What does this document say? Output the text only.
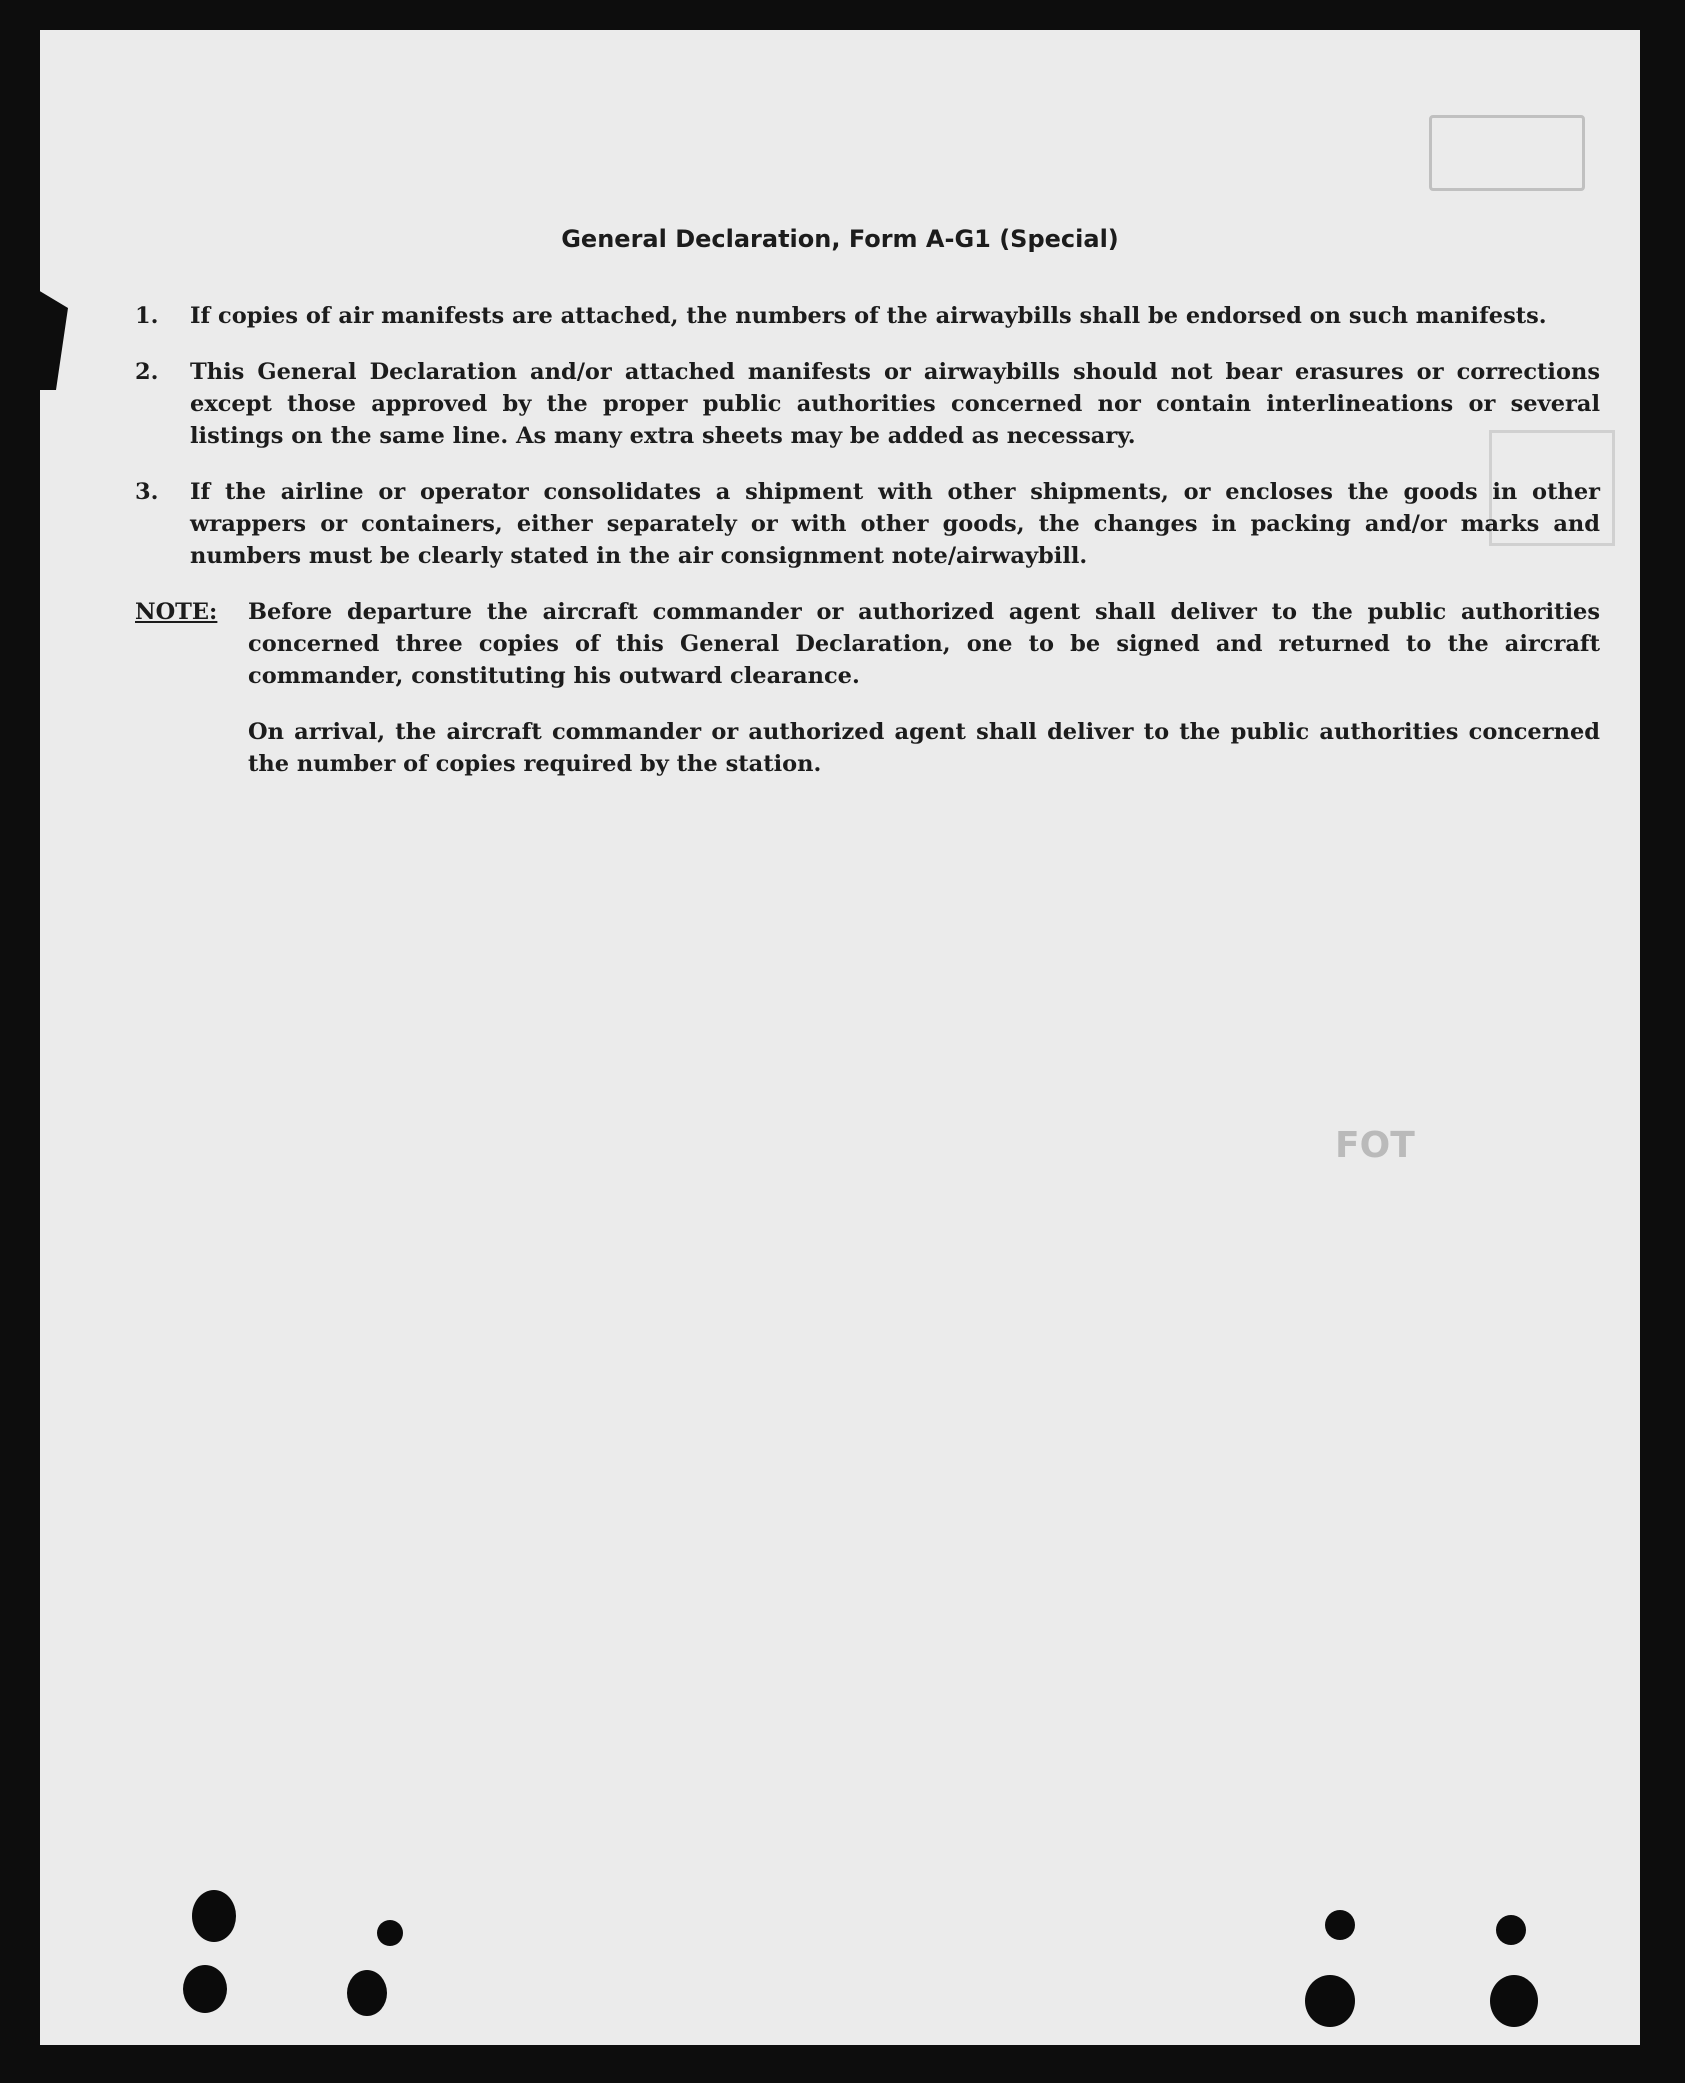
General Declaration, Form A-G1 (Special)
1.	If copies of air manifests are attached, the numbers of the airwaybills shall be endorsed on such manifests.
2.	This General Declaration and/or attached manifests or airwaybills should not bear erasures or corrections except those approved by the proper public authorities concerned nor contain interlineations or several listings on the same line. As many extra sheets may be added as necessary.
3.	If the airline or operator consolidates a shipment with other shipments, or encloses the goods in other wrappers or containers, either separately or with other goods, the changes in packing and/or marks and numbers must be clearly stated in the air consignment note/airwaybill.
NOTE:	Before departure the aircraft commander or authorized agent shall deliver to the public authorities concerned three copies of this General Declaration, one to be signed and returned to the aircraft commander, constituting his outward clearance.
On arrival, the aircraft commander or authorized agent shall deliver to the public authorities concerned the number of copies required by the station.
FOT
